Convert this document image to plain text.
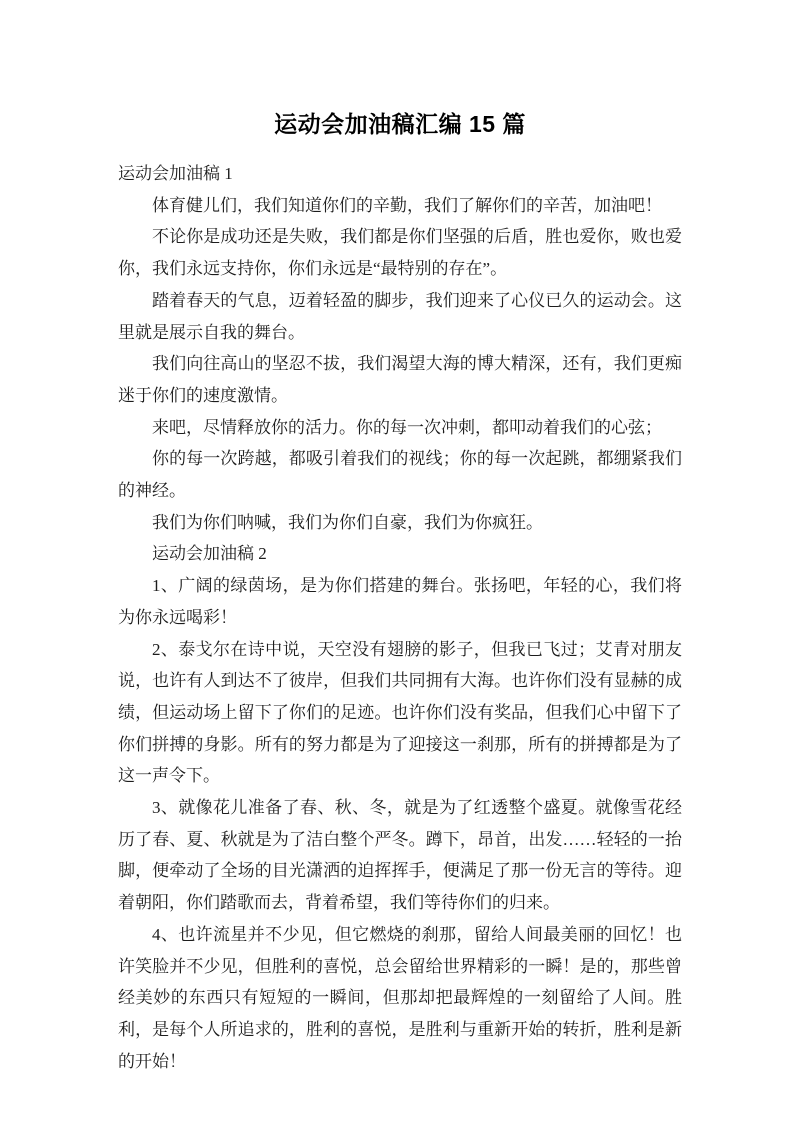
运动会加油稿汇编 15 篇

运动会加油稿 1

体育健儿们，我们知道你们的辛勤，我们了解你们的辛苦，加油吧！

不论你是成功还是失败，我们都是你们坚强的后盾，胜也爱你，败也爱你，我们永远支持你，你们永远是“最特别的存在”。

踏着春天的气息，迈着轻盈的脚步，我们迎来了心仪已久的运动会。这里就是展示自我的舞台。

我们向往高山的坚忍不拔，我们渴望大海的博大精深，还有，我们更痴迷于你们的速度激情。

来吧，尽情释放你的活力。你的每一次冲刺，都叩动着我们的心弦；

你的每一次跨越，都吸引着我们的视线；你的每一次起跳，都绷紧我们的神经。

我们为你们呐喊，我们为你们自豪，我们为你疯狂。

运动会加油稿 2

1、广阔的绿茵场，是为你们搭建的舞台。张扬吧，年轻的心，我们将为你永远喝彩！

2、泰戈尔在诗中说，天空没有翅膀的影子，但我已飞过；艾青对朋友说，也许有人到达不了彼岸，但我们共同拥有大海。也许你们没有显赫的成绩，但运动场上留下了你们的足迹。也许你们没有奖品，但我们心中留下了你们拼搏的身影。所有的努力都是为了迎接这一刹那，所有的拼搏都是为了这一声令下。

3、就像花儿准备了春、秋、冬，就是为了红透整个盛夏。就像雪花经历了春、夏、秋就是为了洁白整个严冬。蹲下，昂首，出发……轻轻的一抬脚，便牵动了全场的目光潇洒的迫挥挥手，便满足了那一份无言的等待。迎着朝阳，你们踏歌而去，背着希望，我们等待你们的归来。

4、也许流星并不少见，但它燃烧的刹那，留给人间最美丽的回忆！也许笑脸并不少见，但胜利的喜悦，总会留给世界精彩的一瞬！是的，那些曾经美妙的东西只有短短的一瞬间，但那却把最辉煌的一刻留给了人间。胜利，是每个人所追求的，胜利的喜悦，是胜利与重新开始的转折，胜利是新的开始！
